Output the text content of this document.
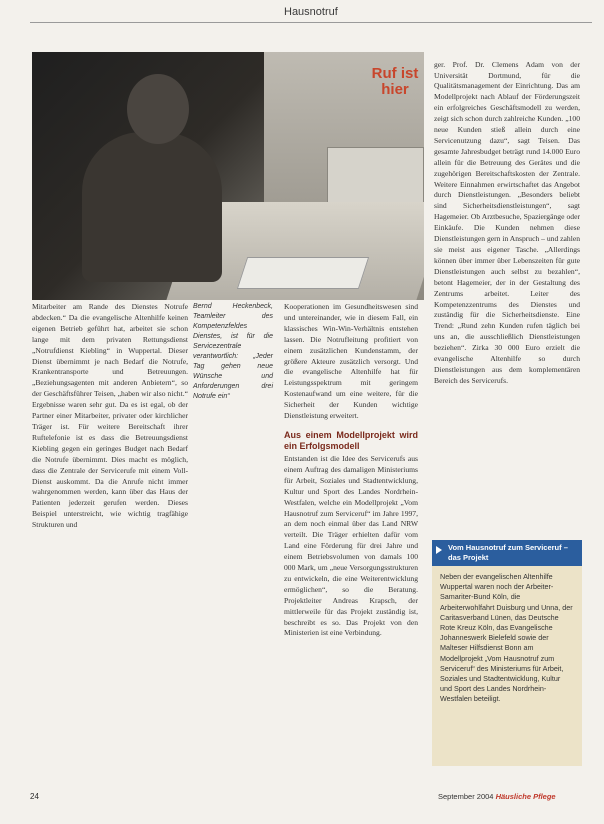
Hausnotruf
Ruf ist hier

Mitarbeiter am Rande des Dienstes Notrufe abdecken.“ Da die evangelische Altenhilfe keinen eigenen Betrieb geführt hat, arbeitet sie schon lange mit dem privaten Rettungsdienst „Notrufdienst Kiebling“ in Wuppertal. Dieser Dienst übernimmt je nach Bedarf die Notrufe, Krankentransporte und Betreuungen. „Beziehungsagenten mit anderen Anbietern“, so der Geschäftsführer Teisen, „haben wir also nicht.“ Ergebnisse waren sehr gut. Da es ist egal, ob der Partner einer Mitarbeiter, privater oder kirchlicher Träger ist. Für weitere Bereitschaft ihrer Ruftelefonie ist es dass die Betreuungsdienst Kiebling gegen ein geringes Budget nach Bedarf die Notrufe übernimmt. Dies macht es möglich, dass die Zentrale der Servicerufe mit einem Voll-Dienst auskommt. Da die Anrufe nicht immer wahrgenommen werden, kann über das Haus der Patienten jederzeit gerufen werden. Dieses Beispiel unterstreicht, wie wichtig tragfähige Strukturen und

Bernd Heckenbeck, Teamleiter des Kompetenzfeldes Dienstes, ist für die Servicezentrale verantwortlich: „Jeder Tag gehen neue Wünsche und Anforderungen drei Notrufe ein“

Kooperationen im Gesundheitswesen sind und untereinander, wie in diesem Fall, ein klassisches Win-Win-Verhältnis entstehen lassen. Die Notrufleitung profitiert von einem zusätzlichen Kundenstamm, der größere Akteure zusätzlich versorgt. Und die evangelische Altenhilfe hat für Leistungsspektrum mit geringem Kostenaufwand um eine weitere, für die Sicherheit der Kunden wichtige Dienstleistung erweitert.

Aus einem Modellprojekt wird ein Erfolgsmodell

Entstanden ist die Idee des Servicerufs aus einem Auftrag des damaligen Ministeriums für Arbeit, Soziales und Stadtentwicklung, Kultur und Sport des Landes Nordrhein-Westfalen, welche ein Modellprojekt „Vom Hausnotruf zum Serviceruf“ im Jahre 1997, an dem noch einmal über das Land NRW verteilt. Die Träger erhielten dafür vom Land eine Förderung für drei Jahre und einem Betriebsvolumen von damals 100 000 Mark, um „neue Versorgungsstrukturen zu entwickeln, die eine Weiterentwicklung ermöglichen“, so die Beratung. Projektleiter Andreas Krapsch, der mittlerweile für das Projekt zuständig ist, beschreibt es so. Das Projekt von den Ministerien ist eine Verbindung.

ger. Prof. Dr. Clemens Adam von der Universität Dortmund, für die Qualitätsmanagement der Einrichtung. Das am Modellprojekt nach Ablauf der Förderungszeit ein erfolgreiches Geschäftsmodell zu werden, zeigt sich schon durch zahlreiche Kunden. „100 neue Kunden stieß allein durch eine Servicenutzung dazu“, sagt Teisen. Das gesamte Jahresbudget beträgt rund 14.000 Euro allein für die Betreuung des Gerätes und die zugehörigen Bereitschaftskosten der Zentrale. Weitere Einnahmen erwirtschaftet das Angebot durch Dienstleistungen. „Besonders beliebt sind Sicherheitsdienstleistungen“, sagt Hagemeier. Ob Arztbesuche, Spaziergänge oder Einkäufe. Die Kunden nehmen diese Dienstleistungen gern in Anspruch – und zahlen sie meist aus eigener Tasche. „Allerdings können über immer über Lebenszeiten für gute Dienstleistungen auch selbst zu bezahlen“, betont Hagemeier, der in der Gestaltung des Zentrums arbeitet. Leiter des Kompetenzzentrums des Dienstes und zuständig für die Sicherheitsdienste. Eine Trend: „Rund zehn Kunden rufen täglich bei uns an, die ausschließlich Dienstleistungen beziehen“. Zirka 30 000 Euro erzielt die evangelische Altenhilfe so durch Dienstleistungen aus dem komplementären Bereich des Servicerufs.

Vom Hausnotruf zum Serviceruf – das Projekt
Neben der evangelischen Altenhilfe Wuppertal waren noch der Arbeiter-Samariter-Bund Köln, die Arbeiterwohlfahrt Duisburg und Unna, der Caritasverband Lünen, das Deutsche Rote Kreuz Köln, das Evangelische Johanneswerk Bielefeld sowie der Malteser Hilfsdienst Bonn am Modellprojekt „Vom Hausnotruf zum Serviceruf“ des Ministeriums für Arbeit, Soziales und Stadtentwicklung, Kultur und Sport des Landes Nordrhein-Westfalen beteiligt.
24	September 2004 Häusliche Pflege
